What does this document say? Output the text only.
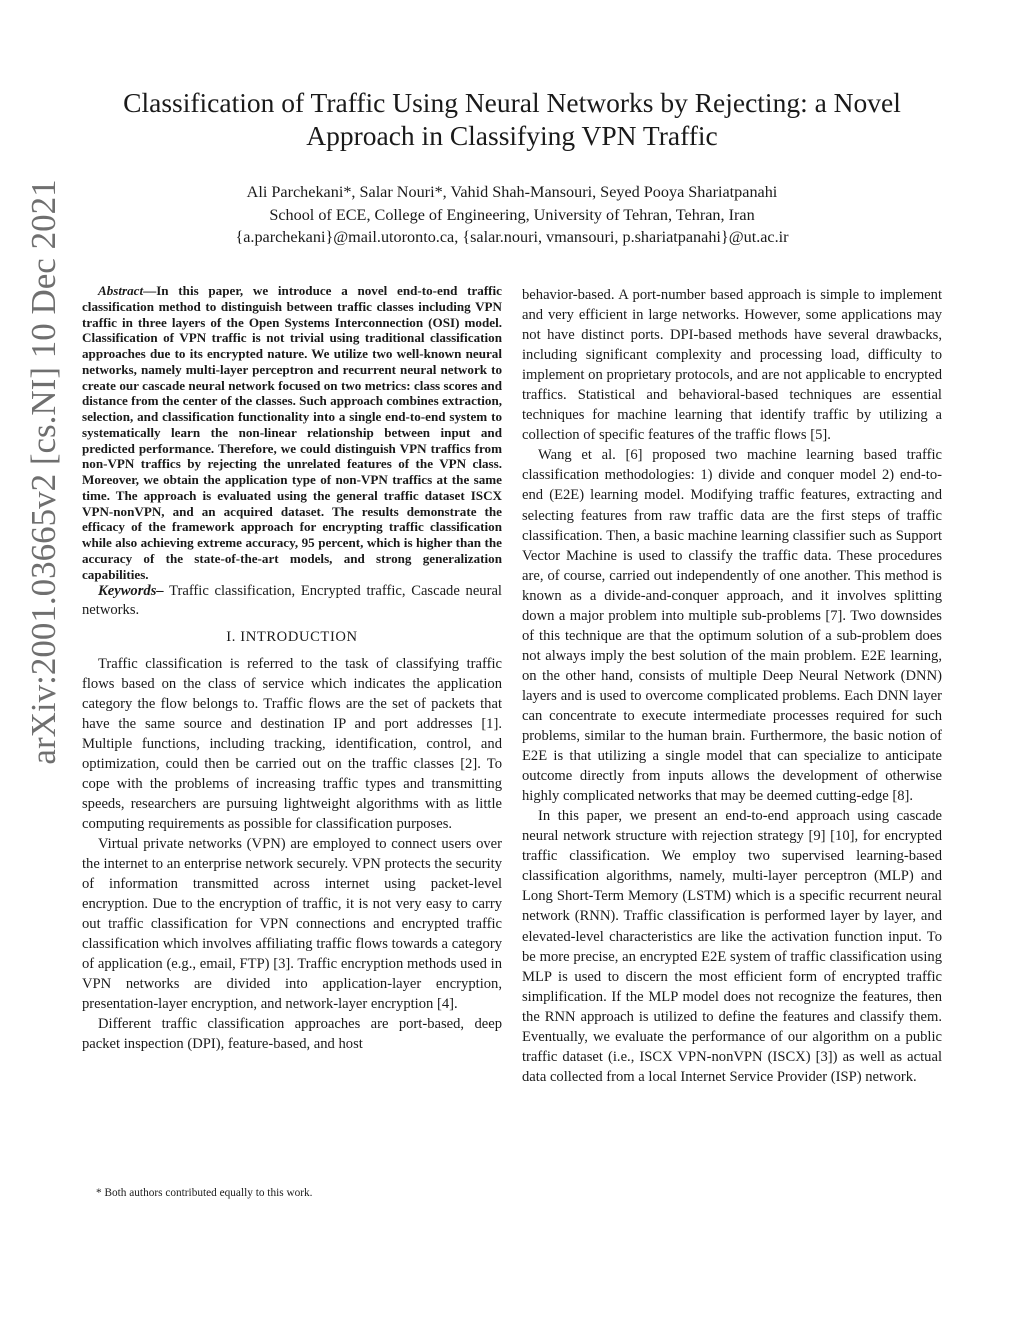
arXiv:2001.03665v2 [cs.NI] 10 Dec 2021
Classification of Traffic Using Neural Networks by Rejecting: a Novel
Approach in Classifying VPN Traffic
Ali Parchekani*, Salar Nouri*, Vahid Shah-Mansouri, Seyed Pooya Shariatpanahi
School of ECE, College of Engineering, University of Tehran, Tehran, Iran
{a.parchekani}@mail.utoronto.ca, {salar.nouri, vmansouri, p.shariatpanahi}@ut.ac.ir

Abstract—In this paper, we introduce a novel end-to-end traffic classification method to distinguish between traffic classes including VPN traffic in three layers of the Open Systems Interconnection (OSI) model. Classification of VPN traffic is not trivial using traditional classification approaches due to its encrypted nature. We utilize two well-known neural networks, namely multi-layer perceptron and recurrent neural network to create our cascade neural network focused on two metrics: class scores and distance from the center of the classes. Such approach combines extraction, selection, and classification functionality into a single end-to-end system to systematically learn the non-linear relationship between input and predicted performance. Therefore, we could distinguish VPN traffics from non-VPN traffics by rejecting the unrelated features of the VPN class. Moreover, we obtain the application type of non-VPN traffics at the same time. The approach is evaluated using the general traffic dataset ISCX VPN-nonVPN, and an acquired dataset. The results demonstrate the efficacy of the framework approach for encrypting traffic classification while also achieving extreme accuracy, 95 percent, which is higher than the accuracy of the state-of-the-art models, and strong generalization capabilities.

Keywords– Traffic classification, Encrypted traffic, Cascade neural networks.

I. INTRODUCTION

Traffic classification is referred to the task of classifying traffic flows based on the class of service which indicates the application category the flow belongs to. Traffic flows are the set of packets that have the same source and destination IP and port addresses [1]. Multiple functions, including tracking, identification, control, and optimization, could then be carried out on the traffic classes [2]. To cope with the problems of increasing traffic types and transmitting speeds, researchers are pursuing lightweight algorithms with as little computing requirements as possible for classification purposes.

Virtual private networks (VPN) are employed to connect users over the internet to an enterprise network securely. VPN protects the security of information transmitted across internet using packet-level encryption. Due to the encryption of traffic, it is not very easy to carry out traffic classification for VPN connections and encrypted traffic classification which involves affiliating traffic flows towards a category of application (e.g., email, FTP) [3]. Traffic encryption methods used in VPN networks are divided into application-layer encryption, presentation-layer encryption, and network-layer encryption [4].

Different traffic classification approaches are port-based, deep packet inspection (DPI), feature-based, and host

behavior-based. A port-number based approach is simple to implement and very efficient in large networks. However, some applications may not have distinct ports. DPI-based methods have several drawbacks, including significant complexity and processing load, difficulty to implement on proprietary protocols, and are not applicable to encrypted traffics. Statistical and behavioral-based techniques are essential techniques for machine learning that identify traffic by utilizing a collection of specific features of the traffic flows [5].

Wang et al. [6] proposed two machine learning based traffic classification methodologies: 1) divide and conquer model 2) end-to-end (E2E) learning model. Modifying traffic features, extracting and selecting features from raw traffic data are the first steps of traffic classification. Then, a basic machine learning classifier such as Support Vector Machine is used to classify the traffic data. These procedures are, of course, carried out independently of one another. This method is known as a divide-and-conquer approach, and it involves splitting down a major problem into multiple sub-problems [7]. Two downsides of this technique are that the optimum solution of a sub-problem does not always imply the best solution of the main problem. E2E learning, on the other hand, consists of multiple Deep Neural Network (DNN) layers and is used to overcome complicated problems. Each DNN layer can concentrate to execute intermediate processes required for such problems, similar to the human brain. Furthermore, the basic notion of E2E is that utilizing a single model that can specialize to anticipate outcome directly from inputs allows the development of otherwise highly complicated networks that may be deemed cutting-edge [8].

In this paper, we present an end-to-end approach using cascade neural network structure with rejection strategy [9] [10], for encrypted traffic classification. We employ two supervised learning-based classification algorithms, namely, multi-layer perceptron (MLP) and Long Short-Term Memory (LSTM) which is a specific recurrent neural network (RNN). Traffic classification is performed layer by layer, and elevated-level characteristics are like the activation function input. To be more precise, an encrypted E2E system of traffic classification using MLP is used to discern the most efficient form of encrypted traffic simplification. If the MLP model does not recognize the features, then the RNN approach is utilized to define the features and classify them. Eventually, we evaluate the performance of our algorithm on a public traffic dataset (i.e., ISCX VPN-nonVPN (ISCX) [3]) as well as actual data collected from a local Internet Service Provider (ISP) network.

* Both authors contributed equally to this work.
